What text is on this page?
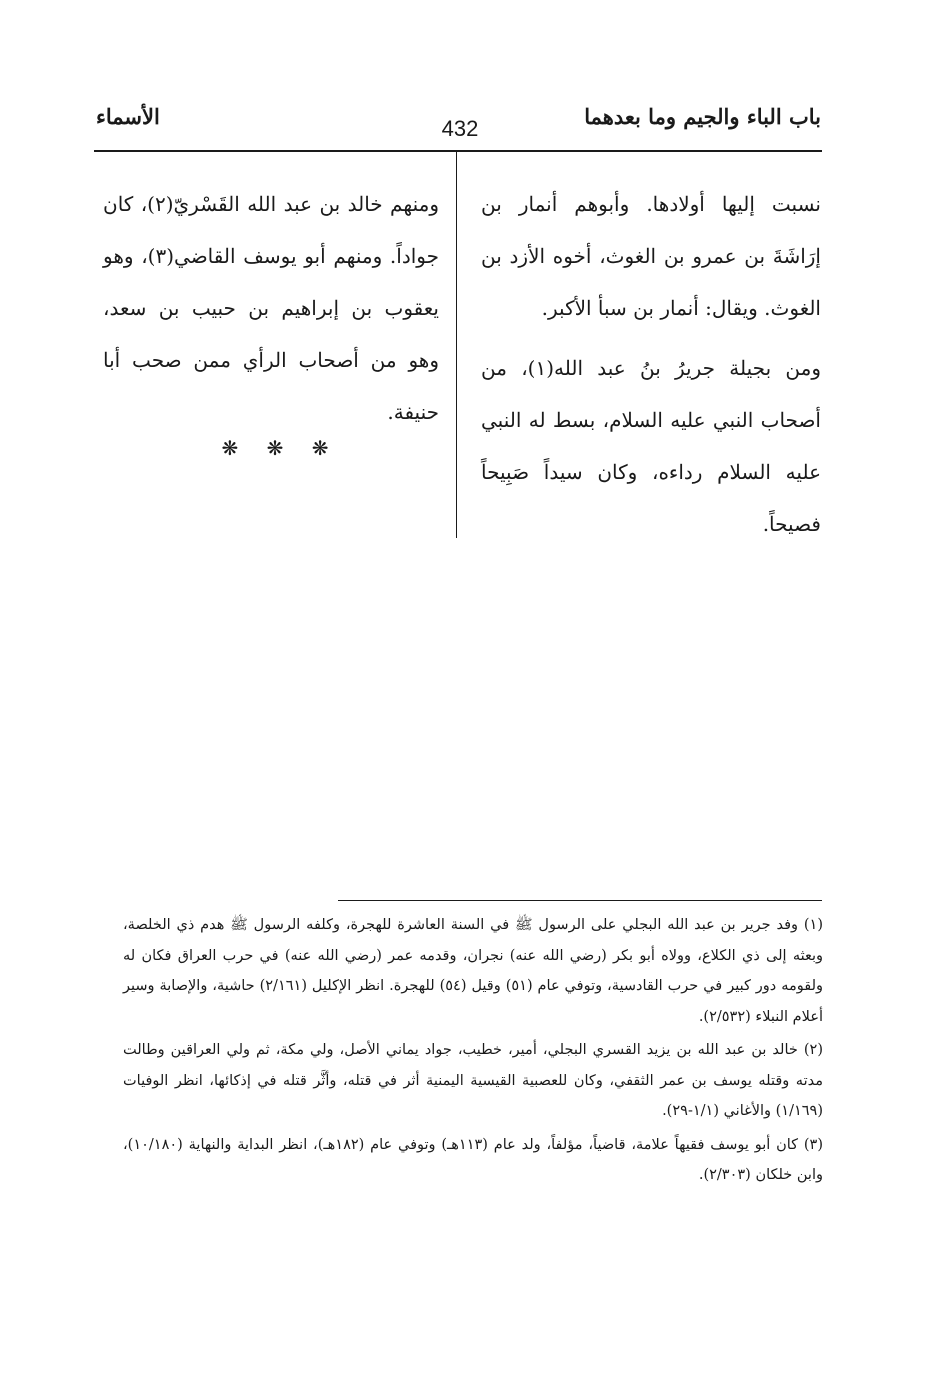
باب الباء والجيم وما بعدهما
432
الأسماء

نسبت إليها أولادها. وأبوهم أنمار بن إرَاشَةَ بن عمرو بن الغوث، أخوه الأزد بن الغوث. ويقال: أنمار بن سبأ الأكبر.

ومن بجيلة جريرُ بنُ عبد الله(١)، من أصحاب النبي عليه السلام، بسط له النبي عليه السلام رداءه، وكان سيداً صَبِيحاً فصيحاً.

ومنهم خالد بن عبد الله القَسْريّ(٢)، كان جواداً. ومنهم أبو يوسف القاضي(٣)، وهو يعقوب بن إبراهيم بن حبيب بن سعد، وهو من أصحاب الرأي ممن صحب أبا حنيفة.

❋ ❋ ❋

(١) وفد جرير بن عبد الله البجلي على الرسول ﷺ في السنة العاشرة للهجرة، وكلفه الرسول ﷺ هدم ذي الخلصة، وبعثه إلى ذي الكلاع، وولاه أبو بكر (رضي الله عنه) نجران، وقدمه عمر (رضي الله عنه) في حرب العراق فكان له ولقومه دور كبير في حرب القادسية، وتوفي عام (٥١) وقيل (٥٤) للهجرة. انظر الإكليل (٢/١٦١) حاشية، والإصابة وسير أعلام النبلاء (٢/٥٣٢).

(٢) خالد بن عبد الله بن يزيد القسري البجلي، أمير، خطيب، جواد يماني الأصل، ولي مكة، ثم ولي العراقين وطالت مدته وقتله يوسف بن عمر الثقفي، وكان للعصبية القيسية اليمنية أثر في قتله، وأثَّر قتله في إذكائها، انظر الوفيات (١/١٦٩) والأغاني (١/١-٢٩).

(٣) كان أبو يوسف فقيهاً علامة، قاضياً، مؤلفاً، ولد عام (١١٣هـ) وتوفي عام (١٨٢هـ)، انظر البداية والنهاية (١٠/١٨٠)، وابن خلكان (٢/٣٠٣).
